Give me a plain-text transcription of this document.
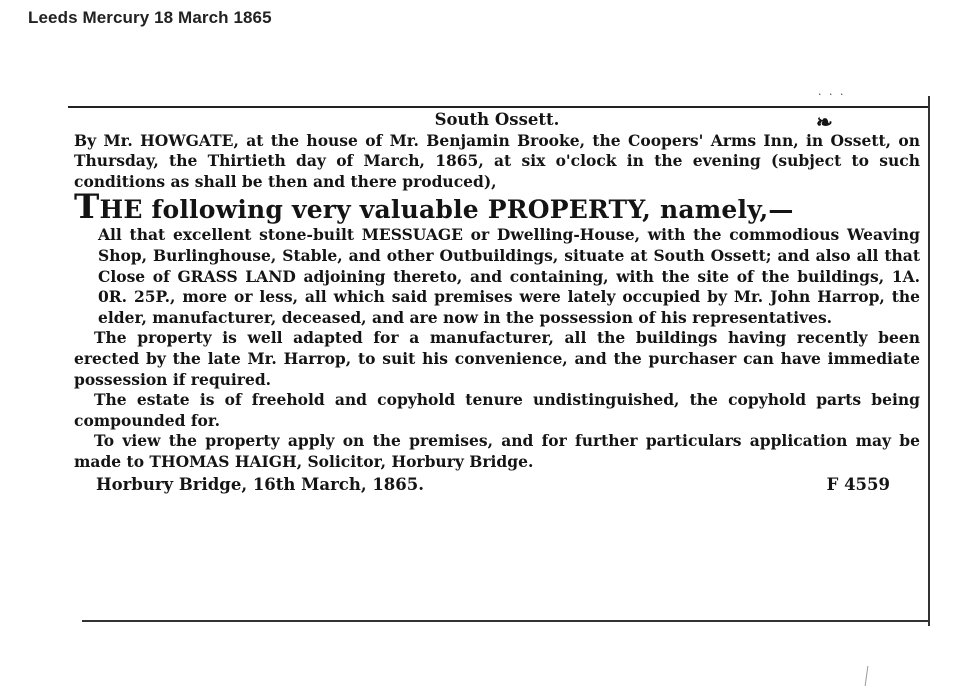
Leeds Mercury 18 March 1865
· · ·
❧

South Ossett.

By Mr. HOWGATE, at the house of Mr. Benjamin Brooke, the Coopers' Arms Inn, in Ossett, on Thursday, the Thirtieth day of March, 1865, at six o'clock in the evening (subject to such conditions as shall be then and there produced),

THE following very valuable PROPERTY, namely,—

All that excellent stone-built MESSUAGE or Dwelling-House, with the commodious Weaving Shop, Burlinghouse, Stable, and other Outbuildings, situate at South Ossett; and also all that Close of GRASS LAND adjoining thereto, and containing, with the site of the buildings, 1A. 0R. 25P., more or less, all which said premises were lately occupied by Mr. John Harrop, the elder, manufacturer, deceased, and are now in the possession of his representatives.

The property is well adapted for a manufacturer, all the buildings having recently been erected by the late Mr. Harrop, to suit his convenience, and the purchaser can have immediate possession if required.

The estate is of freehold and copyhold tenure undistinguished, the copyhold parts being compounded for.

To view the property apply on the premises, and for further particulars application may be made to THOMAS HAIGH, Solicitor, Horbury Bridge.

Horbury Bridge, 16th March, 1865.	F 4559
